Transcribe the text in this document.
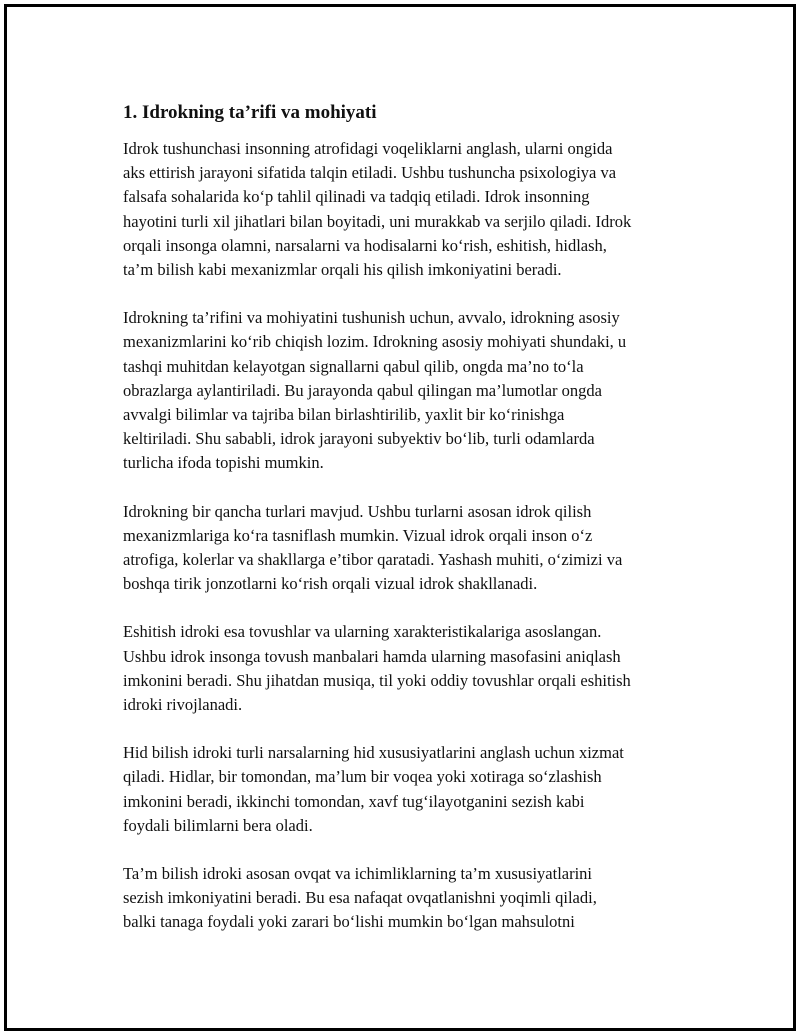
1. Idrokning ta’rifi va mohiyati

Idrok tushunchasi insonning atrofidagi voqeliklarni anglash, ularni ongida
aks ettirish jarayoni sifatida talqin etiladi. Ushbu tushuncha psixologiya va
falsafa sohalarida ko‘p tahlil qilinadi va tadqiq etiladi. Idrok insonning
hayotini turli xil jihatlari bilan boyitadi, uni murakkab va serjilo qiladi. Idrok
orqali insonga olamni, narsalarni va hodisalarni ko‘rish, eshitish, hidlash,
ta’m bilish kabi mexanizmlar orqali his qilish imkoniyatini beradi.

Idrokning ta’rifini va mohiyatini tushunish uchun, avvalo, idrokning asosiy
mexanizmlarini ko‘rib chiqish lozim. Idrokning asosiy mohiyati shundaki, u
tashqi muhitdan kelayotgan signallarni qabul qilib, ongda ma’no to‘la
obrazlarga aylantiriladi. Bu jarayonda qabul qilingan ma’lumotlar ongda
avvalgi bilimlar va tajriba bilan birlashtirilib, yaxlit bir ko‘rinishga
keltiriladi. Shu sababli, idrok jarayoni subyektiv bo‘lib, turli odamlarda
turlicha ifoda topishi mumkin.

Idrokning bir qancha turlari mavjud. Ushbu turlarni asosan idrok qilish
mexanizmlariga ko‘ra tasniflash mumkin. Vizual idrok orqali inson o‘z
atrofiga, kolerlar va shakllarga e’tibor qaratadi. Yashash muhiti, o‘zimizi va
boshqa tirik jonzotlarni ko‘rish orqali vizual idrok shakllanadi.

Eshitish idroki esa tovushlar va ularning xarakteristikalariga asoslangan.
Ushbu idrok insonga tovush manbalari hamda ularning masofasini aniqlash
imkonini beradi. Shu jihatdan musiqa, til yoki oddiy tovushlar orqali eshitish
idroki rivojlanadi.

Hid bilish idroki turli narsalarning hid xususiyatlarini anglash uchun xizmat
qiladi. Hidlar, bir tomondan, ma’lum bir voqea yoki xotiraga so‘zlashish
imkonini beradi, ikkinchi tomondan, xavf tug‘ilayotganini sezish kabi
foydali bilimlarni bera oladi.

Ta’m bilish idroki asosan ovqat va ichimliklarning ta’m xususiyatlarini
sezish imkoniyatini beradi. Bu esa nafaqat ovqatlanishni yoqimli qiladi,
balki tanaga foydali yoki zarari bo‘lishi mumkin bo‘lgan mahsulotni
